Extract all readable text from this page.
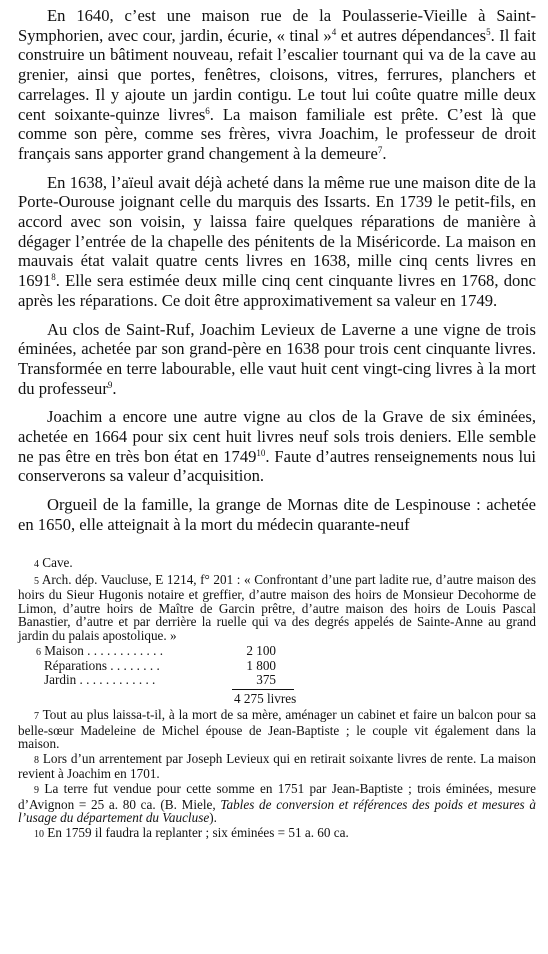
En 1640, c’est une maison rue de la Poulasserie-Vieille à Saint-Symphorien, avec cour, jardin, écurie, « tinal »$^4$ et autres dépendances$^5$. Il fait construire un bâtiment nouveau, refait l’escalier tournant qui va de la cave au grenier, ainsi que portes, fenêtres, cloisons, vitres, ferrures, planchers et carrelages. Il y ajoute un jardin contigu. Le tout lui coûte quatre mille deux cent soixante-quinze livres$^6$. La maison familiale est prête. C’est là que comme son père, comme ses frères, vivra Joachim, le professeur de droit français sans apporter grand changement à la demeure$^7$.

En 1638, l’aïeul avait déjà acheté dans la même rue une maison dite de la Porte-Ourouse joignant celle du marquis des Issarts. En 1739 le petit-fils, en accord avec son voisin, y laissa faire quelques réparations de manière à dégager l’entrée de la chapelle des pénitents de la Miséricorde. La maison en mauvais état valait quatre cents livres en 1638, mille cinq cents livres en 1691$^8$. Elle sera estimée deux mille cinq cent cinquante livres en 1768, donc après les réparations. Ce doit être approximativement sa valeur en 1749.

Au clos de Saint-Ruf, Joachim Levieux de Laverne a une vigne de trois éminées, achetée par son grand-père en 1638 pour trois cent cinquante livres. Transformée en terre labourable, elle vaut huit cent vingt-cing livres à la mort du professeur$^9$.

Joachim a encore une autre vigne au clos de la Grave de six éminées, achetée en 1664 pour six cent huit livres neuf sols trois deniers. Elle semble ne pas être en très bon état en 1749$^{10}$. Faute d’autres renseignements nous lui conserverons sa valeur d’acquisition.

Orgueil de la famille, la grange de Mornas dite de Lespinouse : achetée en 1650, elle atteignait à la mort du médecin quarante-neuf

4 Cave.
5 Arch. dép. Vaucluse, E 1214, f° 201 : « Confrontant d’une part ladite rue, d’autre maison des hoirs du Sieur Hugonis notaire et greffier, d’autre maison des hoirs de Monsieur Decohorme de Limon, d’autre hoirs de Maître de Garcin prêtre, d’autre maison des hoirs de Louis Pascal Banastier, d’autre et par derrière la ruelle qui va des degrés appelés de Sainte-Anne au grand jardin du palais apostolique. »
6 Maison . . . . . . . . . . . .	2 100
Réparations . . . . . . . .	1 800
Jardin . . . . . . . . . . . .	375
4 275 livres
7 Tout au plus laissa-t-il, à la mort de sa mère, aménager un cabinet et faire un balcon pour sa belle-sœur Madeleine de Michel épouse de Jean-Baptiste ; le couple vit également dans la maison.
8 Lors d’un arrentement par Joseph Levieux qui en retirait soixante livres de rente. La maison revient à Joachim en 1701.
9 La terre fut vendue pour cette somme en 1751 par Jean-Baptiste ; trois éminées, mesure d’Avignon = 25 a. 80 ca. (B. Miele, Tables de conversion et références des poids et mesures à l’usage du département du Vaucluse).
10 En 1759 il faudra la replanter ; six éminées = 51 a. 60 ca.
